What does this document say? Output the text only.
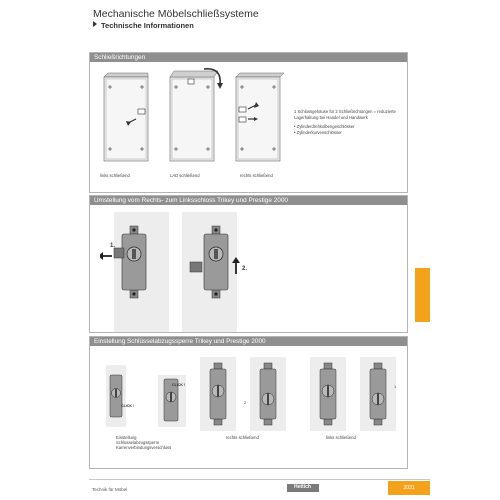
Mechanische Möbelschließsysteme
Technische Informationen
Schließrichtungen
links schließend	LAD schließend	rechts schließend
1 Schlossgehäuse für 2 Schließrichtungen = reduzierte Lagerhaltung bei Handel und Handwerk
• Zylinderdrehkolbengeschlösser
• Zylinderkurvenschlösser
Umstellung vom Rechts- zum Linksschloss Trikey und Prestige 2000
1.
2.
Einstellung Schlüsselabzugssperre Trikey und Prestige 2000
CLICK !
CLICK !
2
1
Einstellung
Schlüsselabzugssperre
Karrenverbindungsverschluss
rechts schließend	links schließend
Technik für Möbel	Hettich	2031
